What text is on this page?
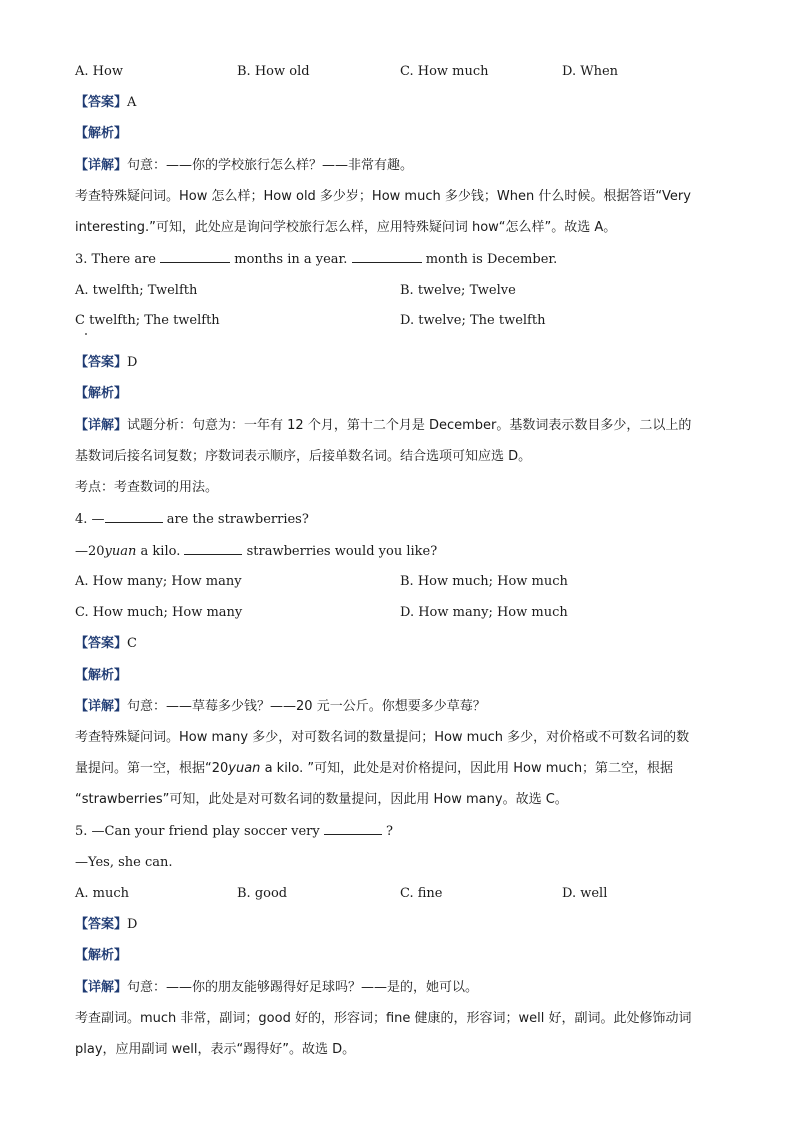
A. How	B. How old	C. How much	D. When
【答案】A
【解析】
【详解】句意：——你的学校旅行怎么样？——非常有趣。
考查特殊疑问词。How 怎么样；How old 多少岁；How much 多少钱；When 什么时候。根据答语“Very
interesting.”可知，此处应是询问学校旅行怎么样，应用特殊疑问词 how“怎么样”。故选 A。
3. There are	months in a year.	month is December.
A. twelfth; Twelfth	B. twelve; Twelve
C twelfth; The twelfth	D. twelve; The twelfth
【答案】D
【解析】
【详解】试题分析：句意为：一年有 12 个月，第十二个月是 December。基数词表示数目多少，二以上的
基数词后接名词复数；序数词表示顺序，后接单数名词。结合选项可知应选 D。
考点：考查数词的用法。
4. —	are the strawberries?
—20yuan a kilo.	strawberries would you like?
A. How many; How many	B. How much; How much
C. How much; How many	D. How many; How much
【答案】C
【解析】
【详解】句意：——草莓多少钱？——20 元一公斤。你想要多少草莓？
考查特殊疑问词。How many 多少，对可数名词的数量提问；How much 多少，对价格或不可数名词的数
量提问。第一空，根据“20yuan a kilo. ”可知，此处是对价格提问，因此用 How much；第二空，根据
“strawberries”可知，此处是对可数名词的数量提问，因此用 How many。故选 C。
5. —Can your friend play soccer very	?
—Yes, she can.
A. much	B. good	C. fine	D. well
【答案】D
【解析】
【详解】句意：——你的朋友能够踢得好足球吗？——是的，她可以。
考查副词。much 非常，副词；good 好的，形容词；fine 健康的，形容词；well 好，副词。此处修饰动词
play，应用副词 well，表示“踢得好”。故选 D。
